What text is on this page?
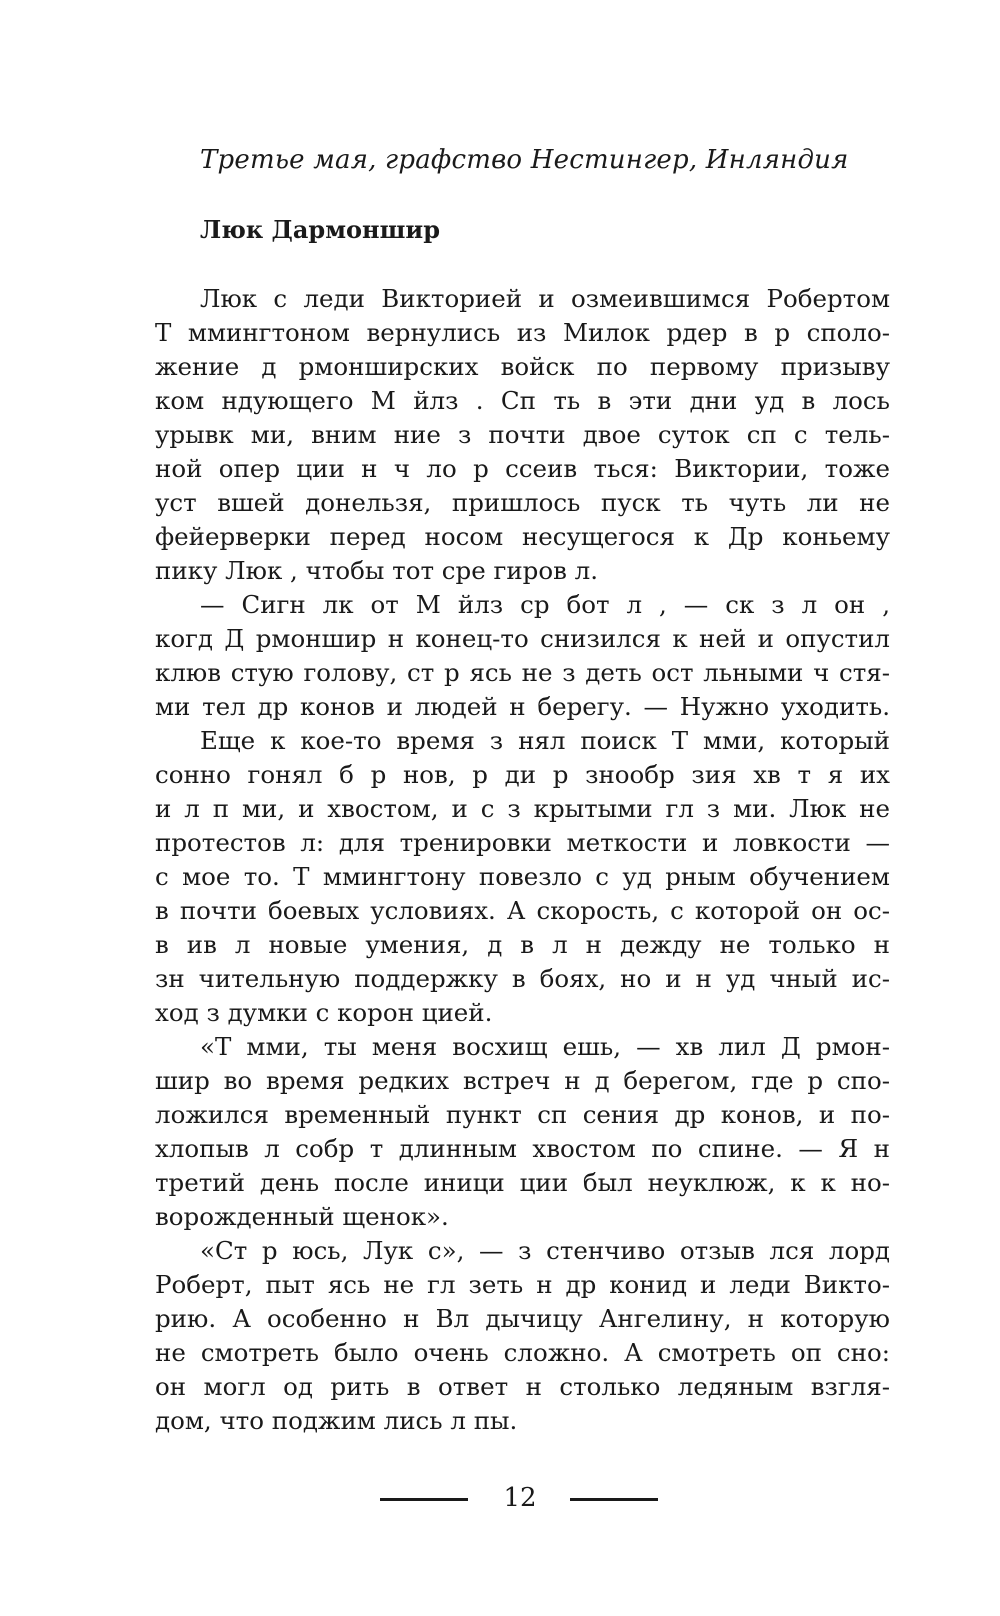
Третье мая, графство Нестингер, Инляндия
Люк Дармоншир
Люк с леди Викторией и озмеившимся Робертом
Т ммингтоном вернулись из Милок рдер в р споло-
жение д рмонширских войск по первому призыву
ком ндующего М йлз . Сп ть в эти дни уд в лось
урывк ми, вним ние з почти двое суток сп с тель-
ной опер ции н ч ло р ссеив ться: Виктории, тоже
уст вшей донельзя, пришлось пуск ть чуть ли не
фейерверки перед носом несущегося к Др коньему
пику Люк , чтобы тот сре гиров л.
— Сигн лк от М йлз ср бот л , — ск з л он ,
когд Д рмоншир н конец-то снизился к ней и опустил
клюв стую голову, ст р ясь не з деть ост льными ч стя-
ми тел др конов и людей н берегу. — Нужно уходить.
Еще к кое-то время з нял поиск Т мми, который
сонно гонял б р нов, р ди р знообр зия хв т я их
и л п ми, и хвостом, и с з крытыми гл з ми. Люк не
протестов л: для тренировки меткости и ловкости —
с мое то. Т ммингтону повезло с уд рным обучением
в почти боевых условиях. А скорость, с которой он ос-
в ив л новые умения, д в л н дежду не только н
зн чительную поддержку в боях, но и н уд чный ис-
ход з думки с корон цией.
«Т мми, ты меня восхищ ешь, — хв лил Д рмон-
шир во время редких встреч н д берегом, где р спо-
ложился временный пункт сп сения др конов, и по-
хлопыв л собр т длинным хвостом по спине. — Я н
третий день после иници ции был неуклюж, к к но-
ворожденный щенок».
«Ст р юсь, Лук с», — з стенчиво отзыв лся лорд
Роберт, пыт ясь не гл зеть н др конид и леди Викто-
рию. А особенно н Вл дычицу Ангелину, н которую
не смотреть было очень сложно. А смотреть оп сно:
он могл од рить в ответ н столько ледяным взгля-
дом, что поджим лись л пы.
12
